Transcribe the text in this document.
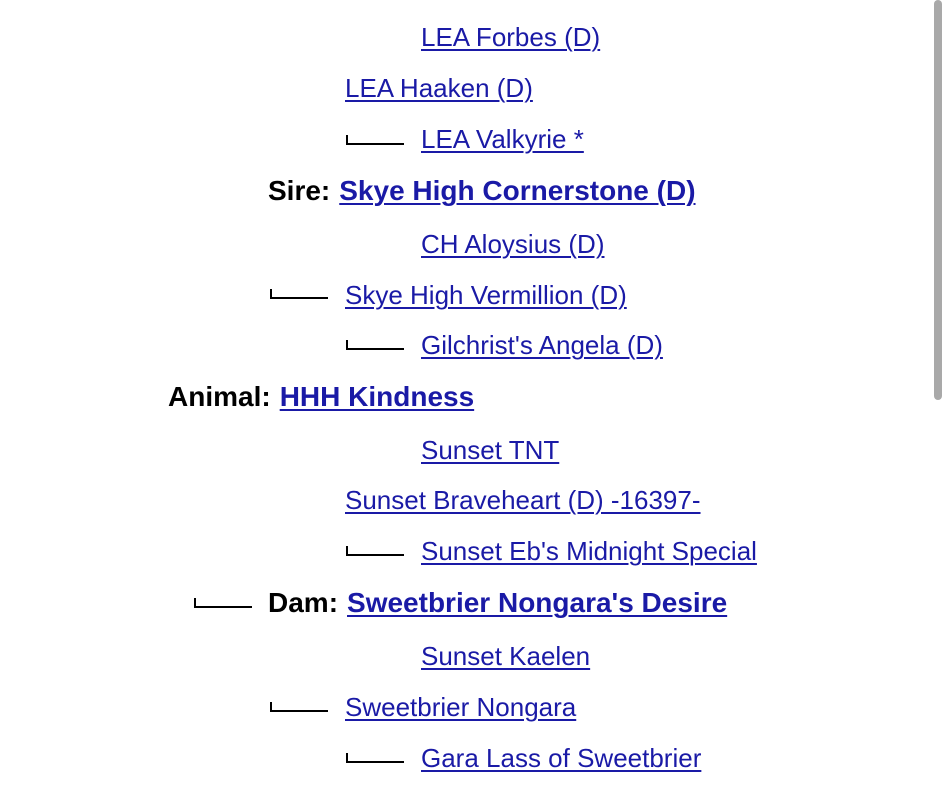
LEA Forbes (D)
LEA Haaken (D)
LEA Valkyrie *
Sire: Skye High Cornerstone (D)
CH Aloysius (D)
Skye High Vermillion (D)
Gilchrist's Angela (D)
Animal: HHH Kindness
Sunset TNT
Sunset Braveheart (D) -16397-
Sunset Eb's Midnight Special
Dam: Sweetbrier Nongara's Desire
Sunset Kaelen
Sweetbrier Nongara
Gara Lass of Sweetbrier
